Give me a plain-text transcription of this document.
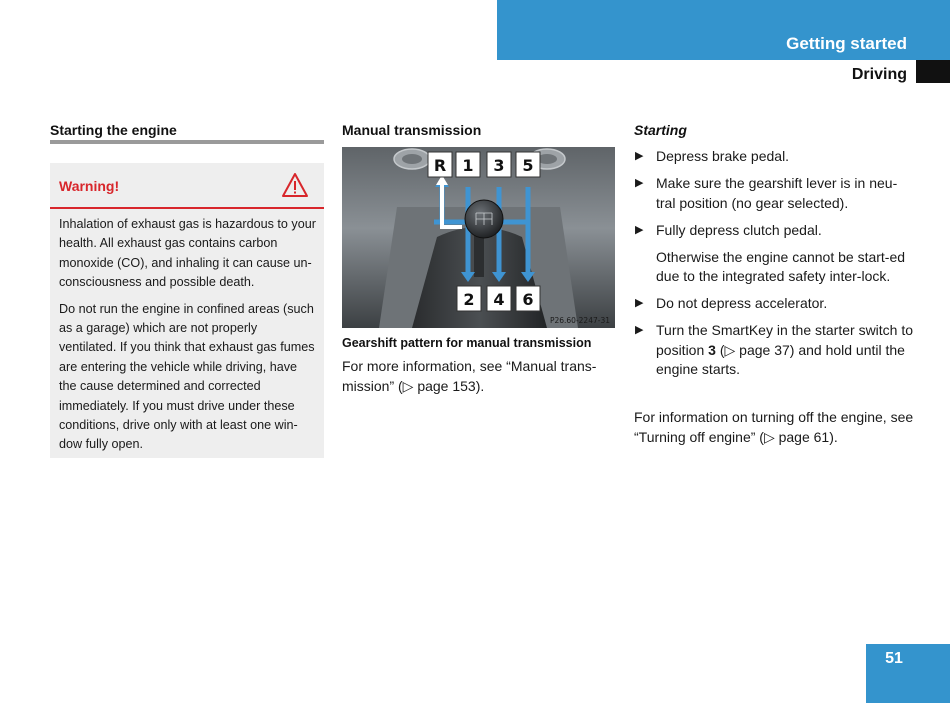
Getting started
Driving
Starting the engine
Warning!

Inhalation of exhaust gas is hazardous to your health. All exhaust gas contains carbon monoxide (CO), and inhaling it can cause un-consciousness and possible death.

Do not run the engine in confined areas (such as a garage) which are not properly ventilated. If you think that exhaust gas fumes are entering the vehicle while driving, have the cause determined and corrected immediately. If you must drive under these conditions, drive only with at least one win-dow fully open.

Manual transmission
R 1 3 5
2 4 6
P26.60-2247-31
Gearshift pattern for manual transmission
For more information, see “Manual trans-mission” (▷ page 153).
Starting
▶ Depress brake pedal.
▶ Make sure the gearshift lever is in neu-tral position (no gear selected).
▶ Fully depress clutch pedal.
Otherwise the engine cannot be start-ed due to the integrated safety inter-lock.
▶ Do not depress accelerator.
▶ Turn the SmartKey in the starter switch to position 3 (▷ page 37) and hold until the engine starts.
For information on turning off the engine, see “Turning off engine” (▷ page 61).
51
